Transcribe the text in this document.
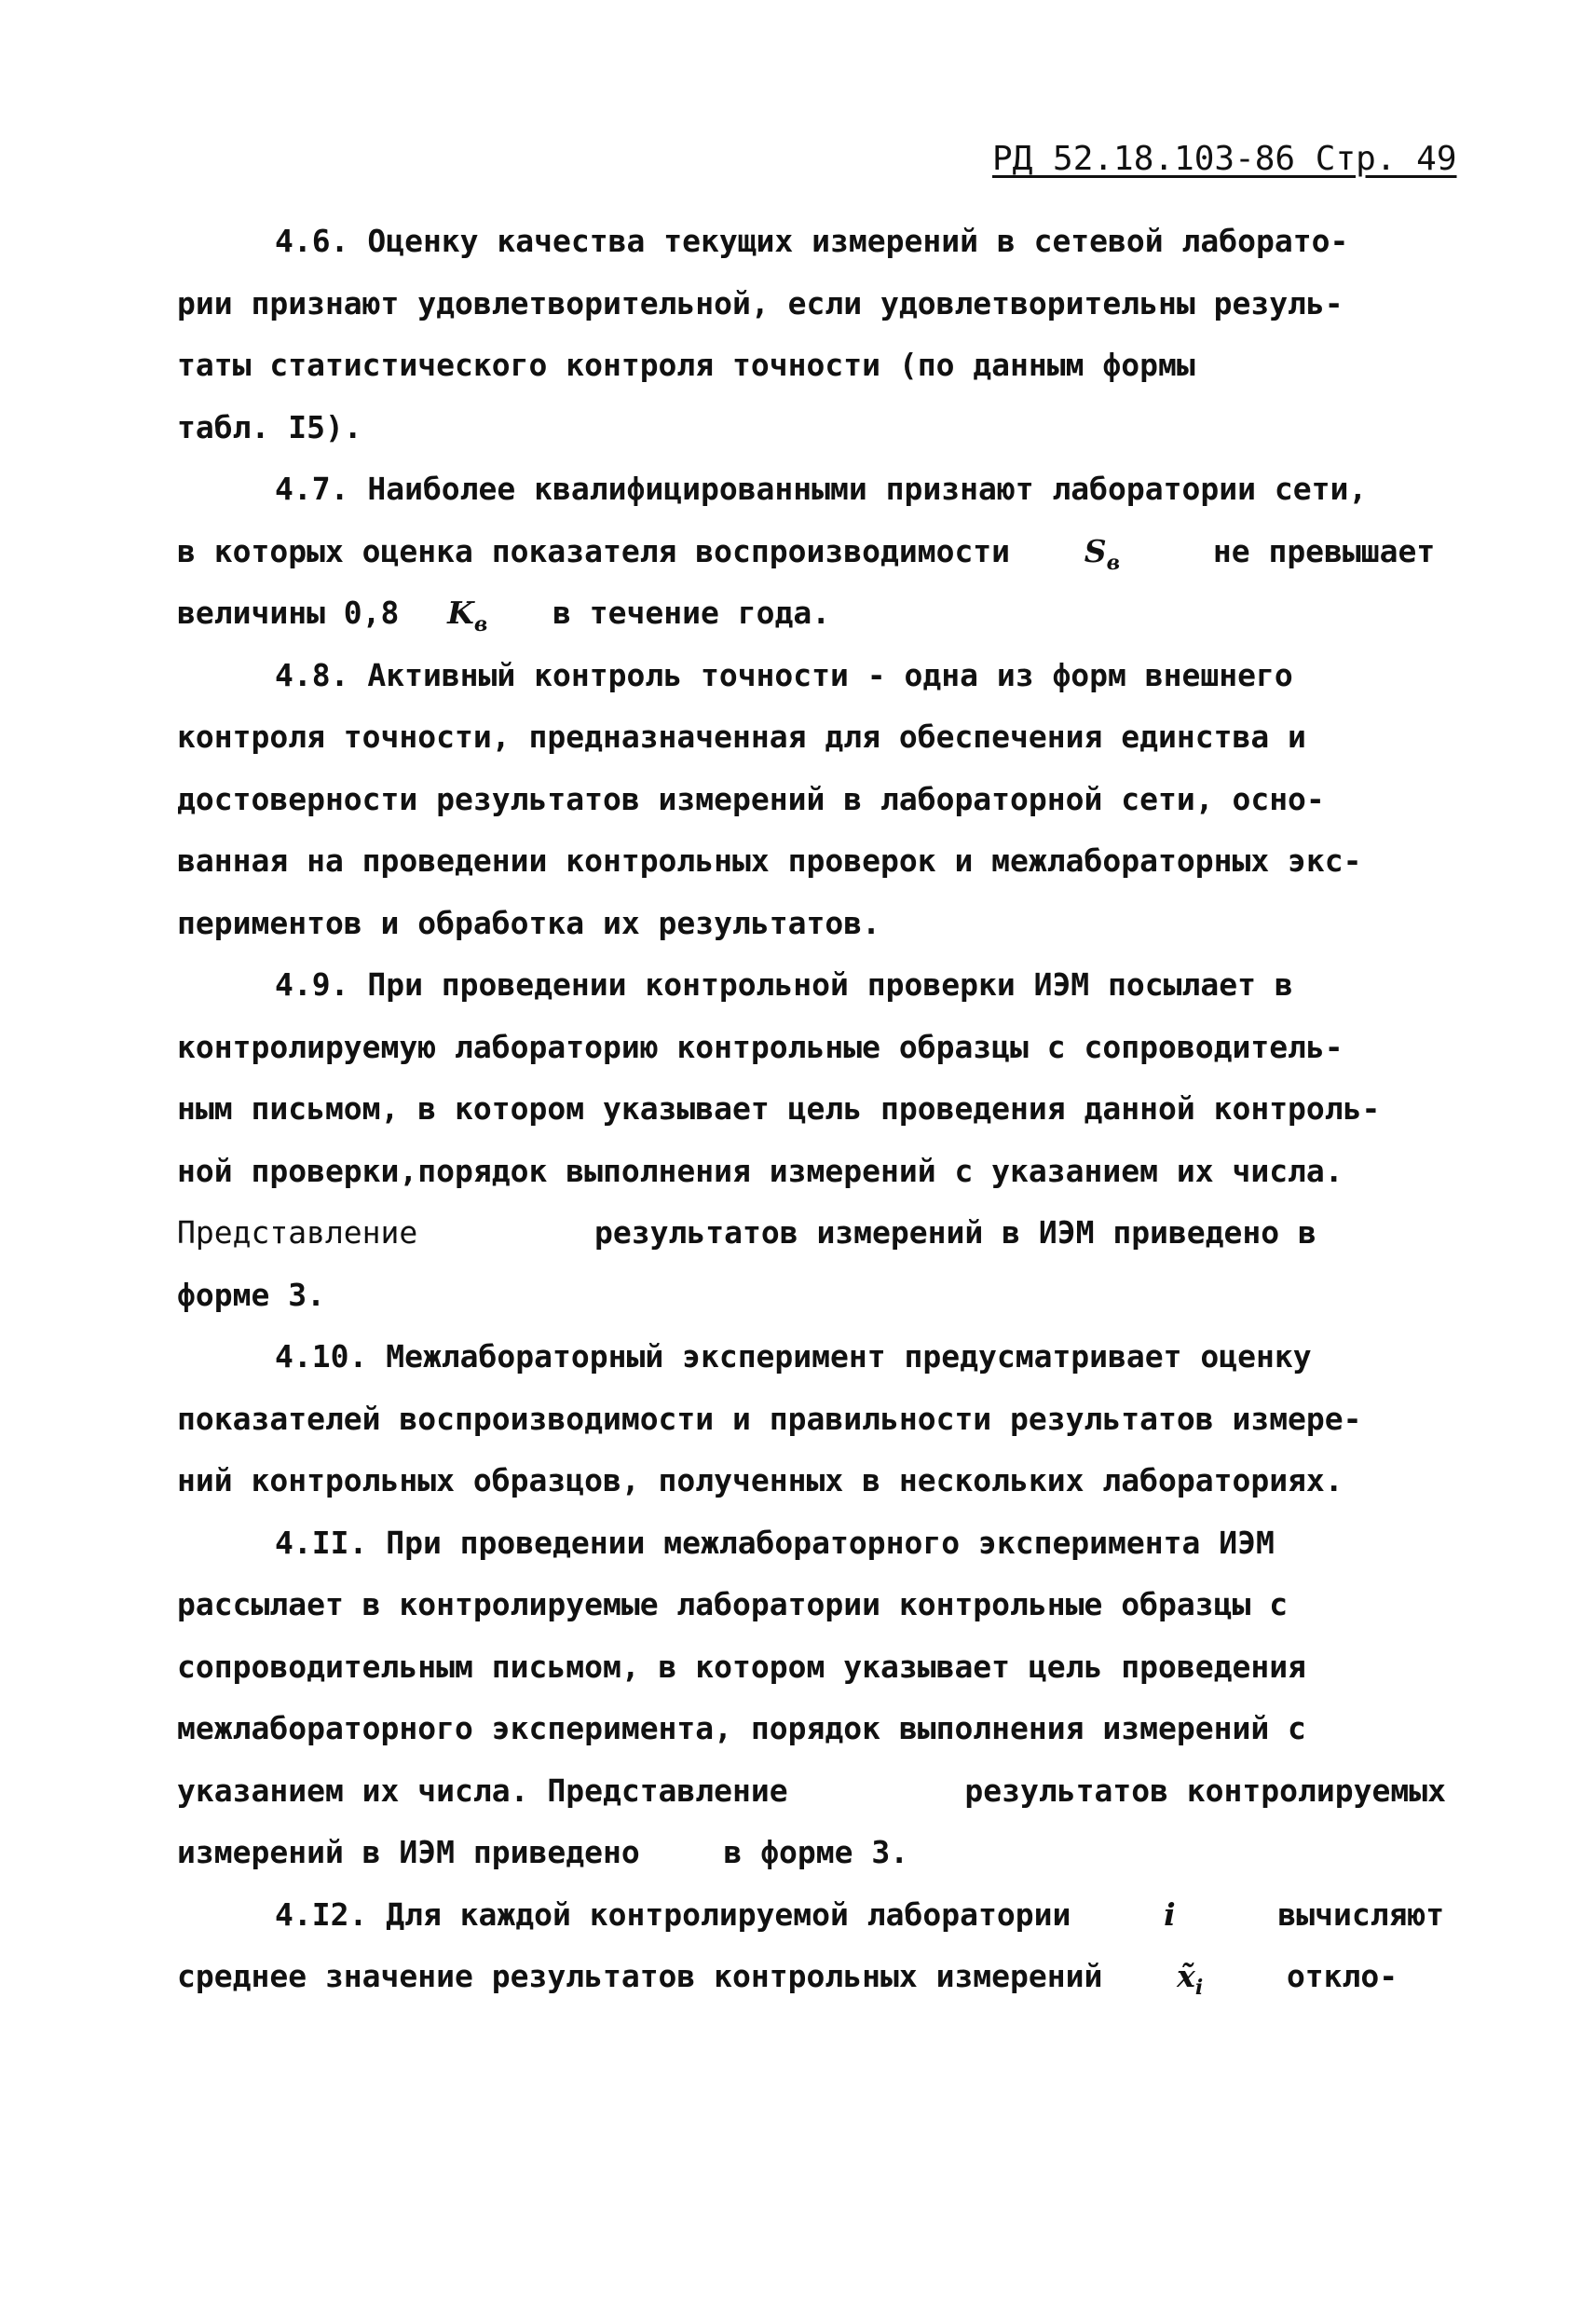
РД 52.18.103-86 Стр. 49
4.6. Оценку качества текущих измерений в сетевой лаборато-
рии признают удовлетворительной, если удовлетворительны резуль-
таты статистического контроля точности (по данным формы
табл. I5).
4.7. Наиболее квалифицированными признают лаборатории сети,
в которых оценка показателя воспроизводимости $S_в$	не превышает
величины 0,8 $K_в$ в течение года.
4.8. Активный контроль точности - одна из форм внешнего
контроля точности, предназначенная для обеспечения единства и
достоверности результатов измерений в лабораторной сети, осно-
ванная на проведении контрольных проверок и межлабораторных экс-
периментов и обработка их результатов.
4.9. При проведении контрольной проверки ИЭМ посылает в
контролируемую лабораторию контрольные образцы с сопроводитель-
ным письмом, в котором указывает цель проведения данной контроль-
ной проверки,порядок выполнения измерений с указанием их числа.
Представление	результатов измерений в ИЭМ приведено в
форме 3.
4.10. Межлабораторный эксперимент предусматривает оценку
показателей воспроизводимости и правильности результатов измере-
ний контрольных образцов, полученных в нескольких лабораториях.
4.II. При проведении межлабораторного эксперимента ИЭМ
рассылает в контролируемые лаборатории контрольные образцы с
сопроводительным письмом, в котором указывает цель проведения
межлабораторного эксперимента, порядок выполнения измерений с
указанием их числа. Представление	результатов контролируемых
измерений в ИЭМ приведено	в форме 3.
4.I2. Для каждой контролируемой лаборатории	i	вычисляют
среднее значение результатов контрольных измерений $x̃_i$	откло-
